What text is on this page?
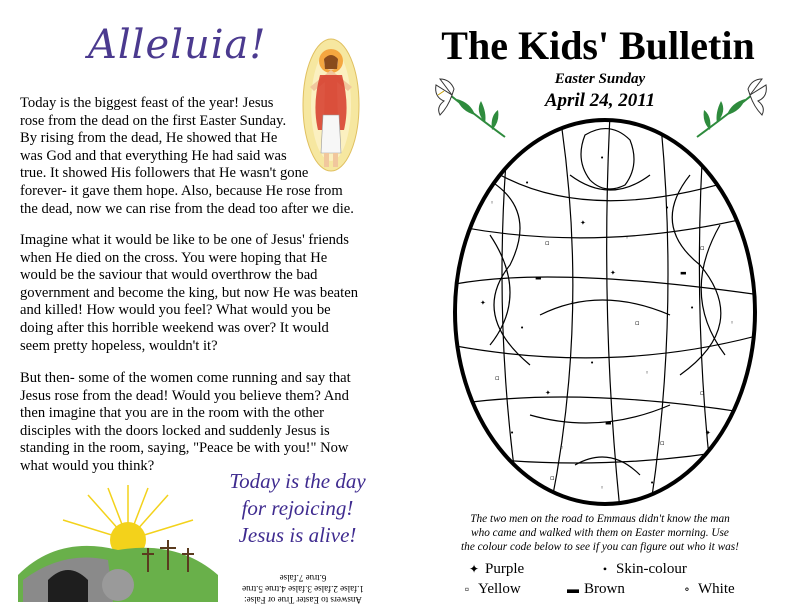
Alleluia!
Today is the biggest feast of the year! Jesus
rose from the dead on the first Easter Sunday.
By rising from the dead, He showed that He
was God and that everything He had said was
true. It showed His followers that He wasn't gone
forever- it gave them hope. Also, because He rose from
the dead, now we can rise from the dead too after we die.
Imagine what it would be like to be one of Jesus' friends
when He died on the cross. You were hoping that He
would be the saviour that would overthrow the bad
government and become the king, but now He was beaten
and killed! How would you feel? What would you be
doing after this horrible weekend was over? It would
seem pretty hopeless, wouldn't it?
But then- some of the women come running and say that
Jesus rose from the dead! Would you believe them? And
then imagine that you are in the room with the other
disciples with the doors locked and suddenly Jesus is
standing in the room, saying, "Peace be with you!" Now
what would you think?
Today is the day
for rejoicing!
Jesus is alive!
Answers to Easter True or False:
1.false 2.false 3.false 4.true 5.true
6.true 7.false
The Kids' Bulletin
Easter Sunday
April 24, 2011
◦
•
▫
✦
◦
•
▫
✦
•
◦
▫
•
◦
▫
✦
•
◦
▫
•
◦
▬
▫
✦
▫
◦
•
•
▬
▬
✦
The two men on the road to Emmaus didn't know the man
who came and walked with them on Easter morning. Use
the colour code below to see if you can figure out who it was!
✦ Purple	• Skin-colour
▫ Yellow	▬ Brown	∘ White
